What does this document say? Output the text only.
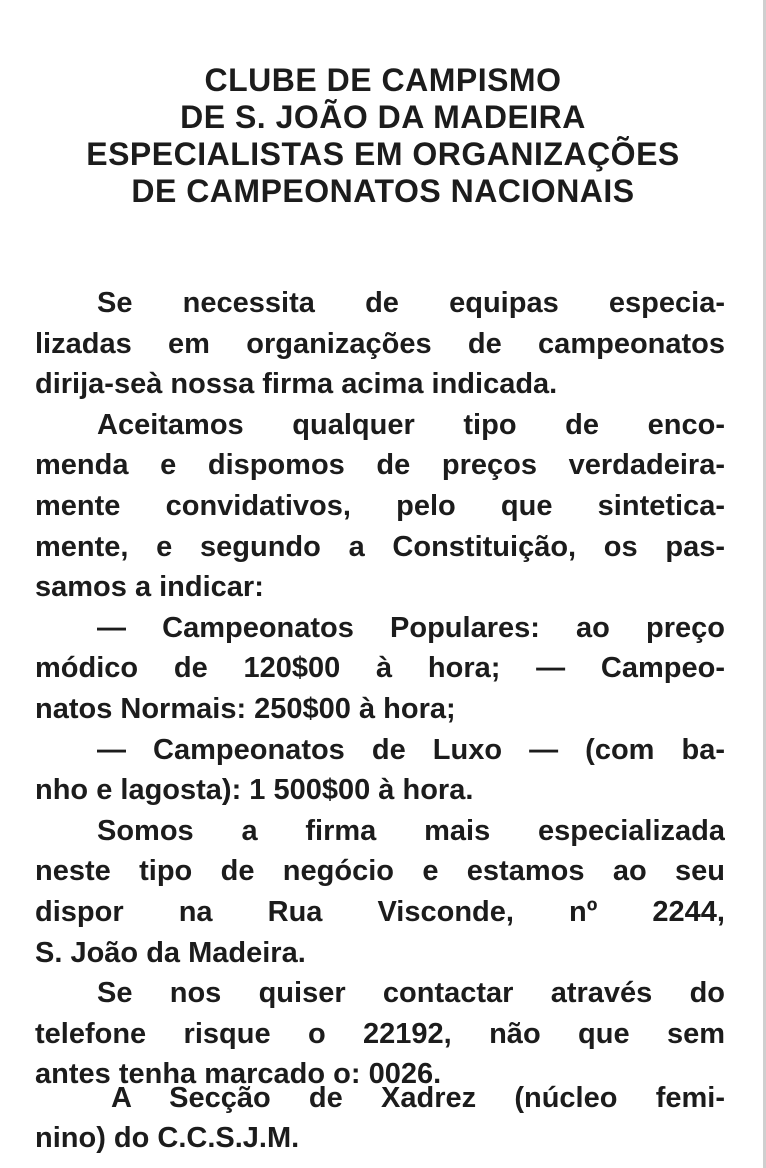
CLUBE DE CAMPISMO
DE S. JOÃO DA MADEIRA
ESPECIALISTAS EM ORGANIZAÇÕES
DE CAMPEONATOS NACIONAIS
Se necessita de equipas especia-
lizadas em organizações de campeonatos
dirija-seà nossa firma acima indicada.
Aceitamos qualquer tipo de enco-
menda e dispomos de preços verdadeira-
mente convidativos, pelo que sintetica-
mente, e segundo a Constituição, os pas-
samos a indicar:
— Campeonatos Populares: ao preço
módico de 120$00 à hora; — Campeo-
natos Normais: 250$00 à hora;
— Campeonatos de Luxo — (com ba-
nho e lagosta): 1 500$00 à hora.
Somos a firma mais especializada
neste tipo de negócio e estamos ao seu
dispor na Rua Visconde, nº 2244,
S. João da Madeira.
Se nos quiser contactar através do
telefone risque o 22192, não que sem
antes tenha marcado o: 0026.
A Secção de Xadrez (núcleo femi-
nino) do C.C.S.J.M.
